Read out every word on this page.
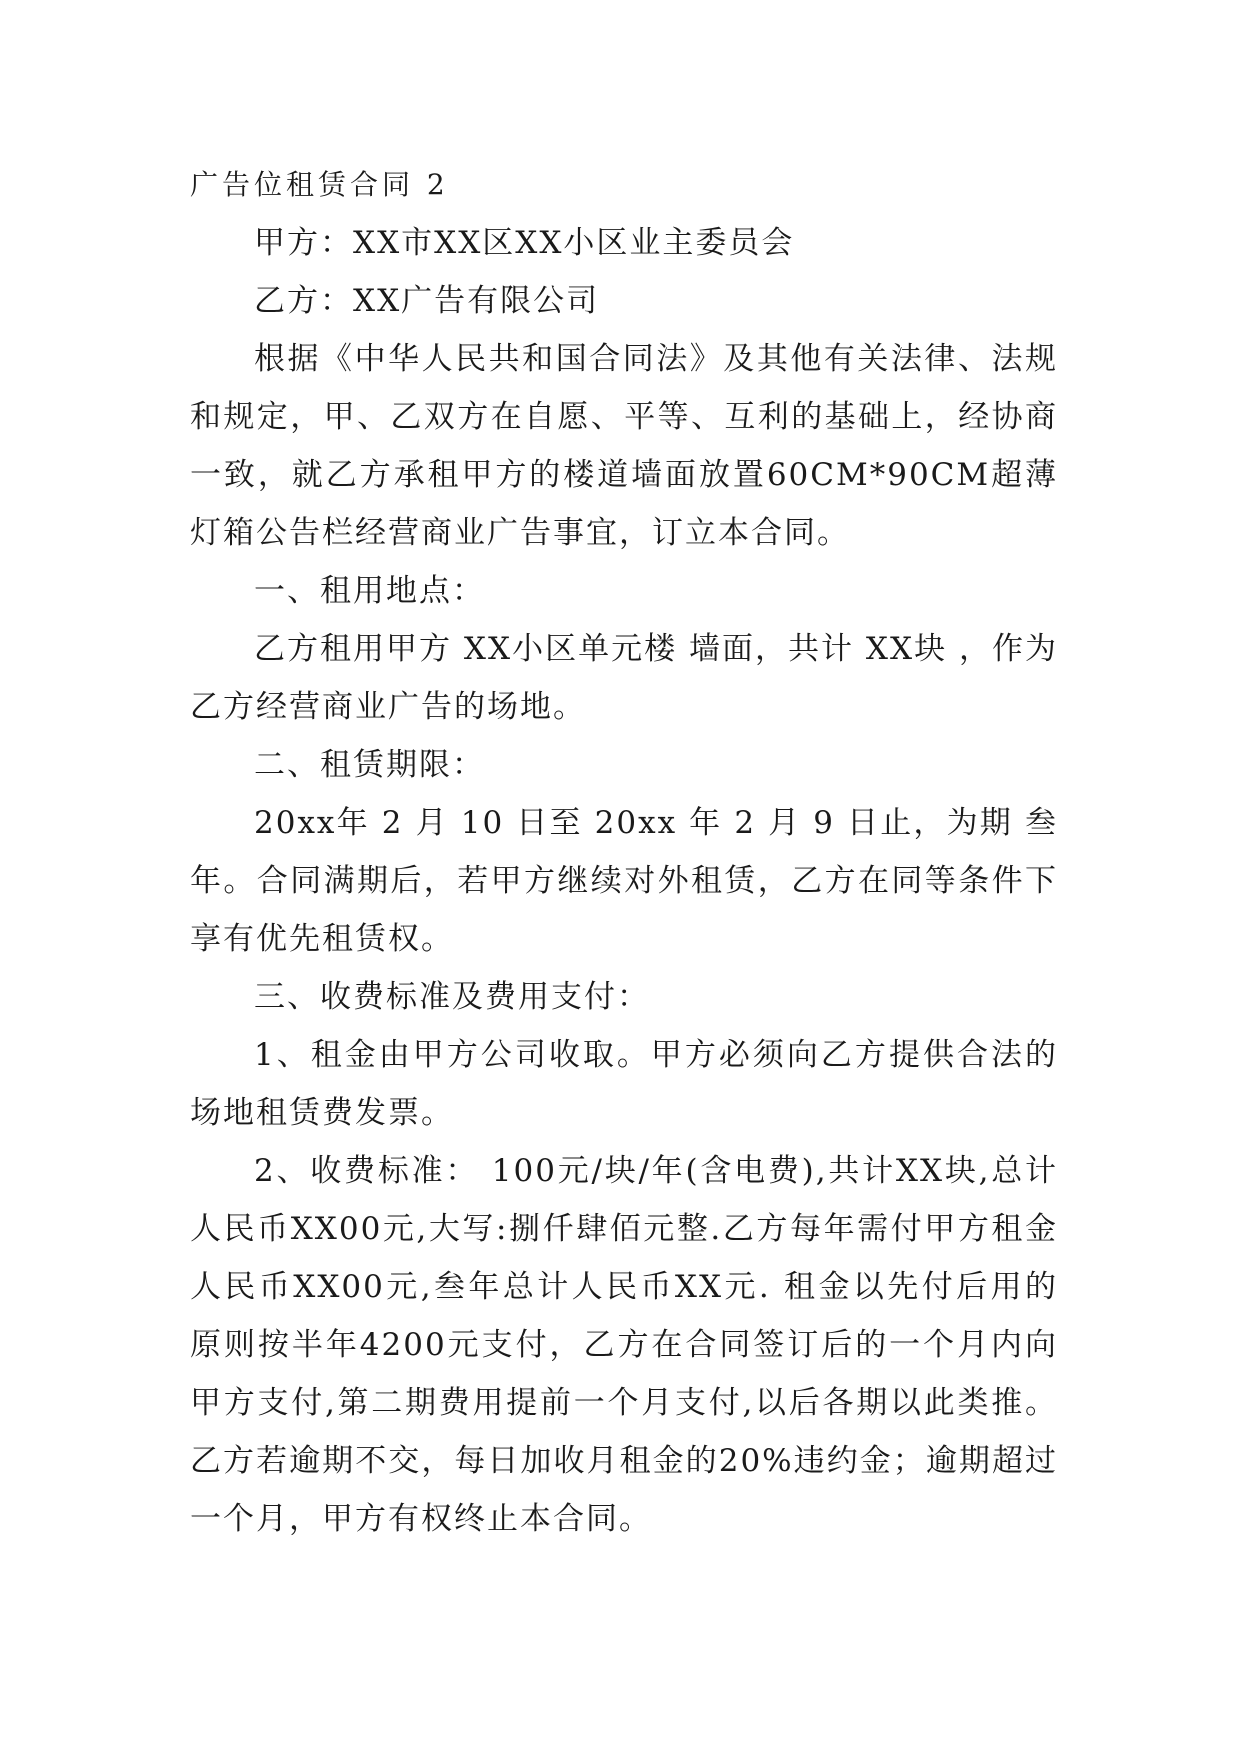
广告位租赁合同 2

甲方：XX市XX区XX小区业主委员会

乙方：XX广告有限公司

根据《中华人民共和国合同法》及其他有关法律、法规和规定，甲、乙双方在自愿、平等、互利的基础上，经协商一致，就乙方承租甲方的楼道墙面放置60CM*90CM超薄灯箱公告栏经营商业广告事宜，订立本合同。

一、租用地点：

乙方租用甲方 XX小区单元楼 墙面，共计 XX块 ，作为乙方经营商业广告的场地。

二、租赁期限：

20xx年 2 月 10 日至 20xx 年 2 月 9 日止，为期 叁年。合同满期后，若甲方继续对外租赁，乙方在同等条件下享有优先租赁权。

三、收费标准及费用支付：

1、租金由甲方公司收取。甲方必须向乙方提供合法的场地租赁费发票。

2、收费标准： 100元/块/年(含电费),共计XX块,总计人民币XX00元,大写:捌仟肆佰元整.乙方每年需付甲方租金人民币XX00元,叁年总计人民币XX元. 租金以先付后用的原则按半年4200元支付，乙方在合同签订后的一个月内向甲方支付,第二期费用提前一个月支付,以后各期以此类推。乙方若逾期不交，每日加收月租金的20%违约金；逾期超过一个月，甲方有权终止本合同。
